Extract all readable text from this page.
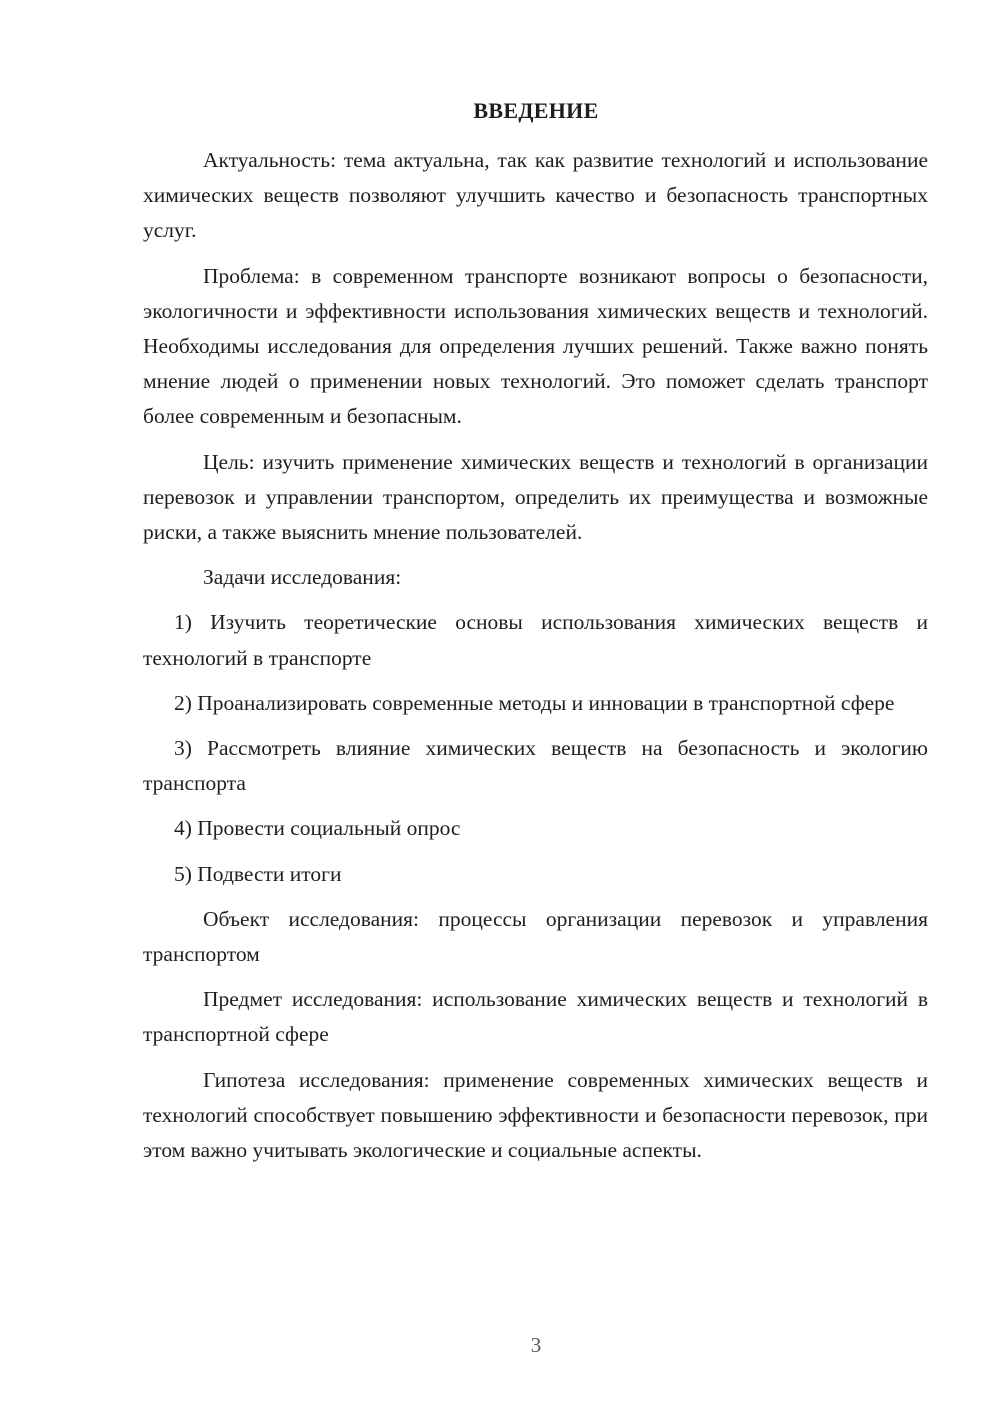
ВВЕДЕНИЕ

Актуальность: тема актуальна, так как развитие технологий и использование химических веществ позволяют улучшить качество и безопасность транспортных услуг.

Проблема: в современном транспорте возникают вопросы о безопасности, экологичности и эффективности использования химических веществ и технологий. Необходимы исследования для определения лучших решений. Также важно понять мнение людей о применении новых технологий. Это поможет сделать транспорт более современным и безопасным.

Цель: изучить применение химических веществ и технологий в организации перевозок и управлении транспортом, определить их преимущества и возможные риски, а также выяснить мнение пользователей.

Задачи исследования:

1) Изучить теоретические основы использования химических веществ и технологий в транспорте

2) Проанализировать современные методы и инновации в транспортной сфере

3) Рассмотреть влияние химических веществ на безопасность и экологию транспорта

4) Провести социальный опрос

5) Подвести итоги

Объект исследования: процессы организации перевозок и управления транспортом

Предмет исследования: использование химических веществ и технологий в транспортной сфере

Гипотеза исследования: применение современных химических веществ и технологий способствует повышению эффективности и безопасности перевозок, при этом важно учитывать экологические и социальные аспекты.

3
